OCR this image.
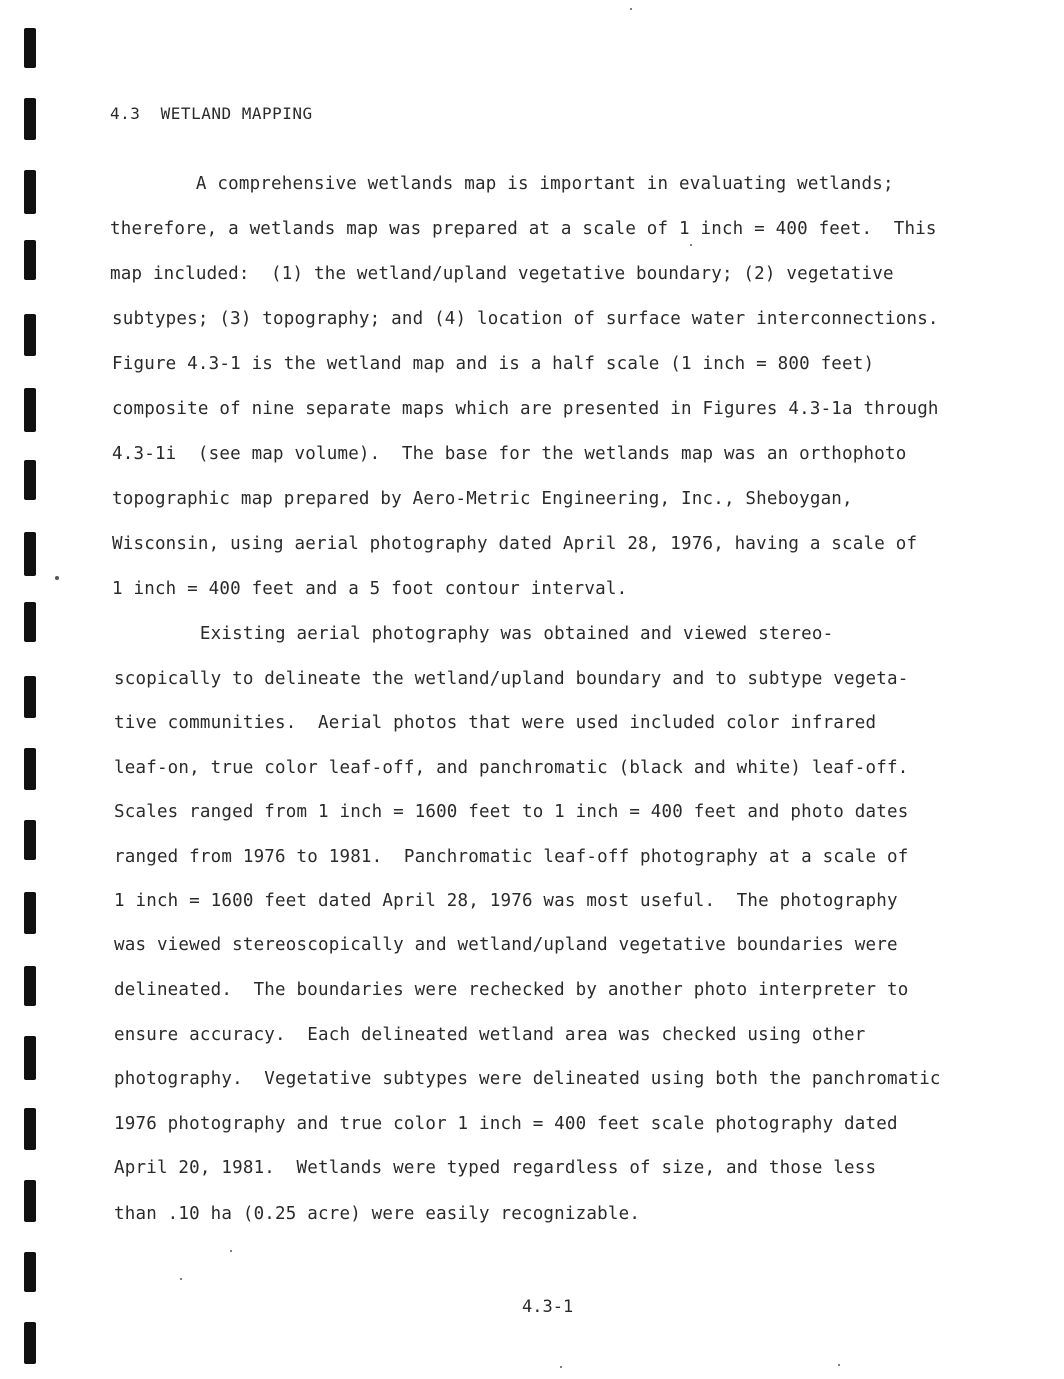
4.3  WETLAND MAPPING
A comprehensive wetlands map is important in evaluating wetlands;
therefore, a wetlands map was prepared at a scale of 1 inch = 400 feet.  This
map included:  (1) the wetland/upland vegetative boundary; (2) vegetative
subtypes; (3) topography; and (4) location of surface water interconnections.
Figure 4.3-1 is the wetland map and is a half scale (1 inch = 800 feet)
composite of nine separate maps which are presented in Figures 4.3-1a through
4.3-1i  (see map volume).  The base for the wetlands map was an orthophoto
topographic map prepared by Aero-Metric Engineering, Inc., Sheboygan,
Wisconsin, using aerial photography dated April 28, 1976, having a scale of
1 inch = 400 feet and a 5 foot contour interval.
Existing aerial photography was obtained and viewed stereo-
scopically to delineate the wetland/upland boundary and to subtype vegeta-
tive communities.  Aerial photos that were used included color infrared
leaf-on, true color leaf-off, and panchromatic (black and white) leaf-off.
Scales ranged from 1 inch = 1600 feet to 1 inch = 400 feet and photo dates
ranged from 1976 to 1981.  Panchromatic leaf-off photography at a scale of
1 inch = 1600 feet dated April 28, 1976 was most useful.  The photography
was viewed stereoscopically and wetland/upland vegetative boundaries were
delineated.  The boundaries were rechecked by another photo interpreter to
ensure accuracy.  Each delineated wetland area was checked using other
photography.  Vegetative subtypes were delineated using both the panchromatic
1976 photography and true color 1 inch = 400 feet scale photography dated
April 20, 1981.  Wetlands were typed regardless of size, and those less
than .10 ha (0.25 acre) were easily recognizable.
4.3-1
